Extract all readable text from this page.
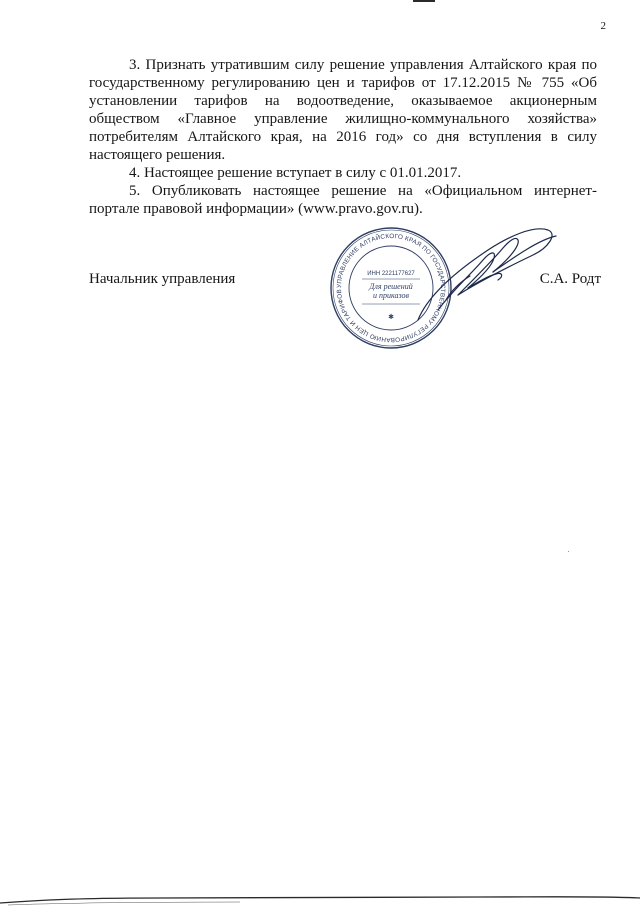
2

3. Признать утратившим силу решение управления Алтайского края по государственному регулированию цен и тарифов от 17.12.2015 № 755 «Об установлении тарифов на водоотведение, оказываемое акционерным обществом «Главное управление жилищно-коммунального хозяйства» потребителям Алтайского края, на 2016 год» со дня вступления в силу настоящего решения.

4. Настоящее решение вступает в силу с 01.01.2017.

5. Опубликовать настоящее решение на «Официальном интернет-портале правовой информации» (www.pravo.gov.ru).

Начальник управления	С.А. Родт
УПРАВЛЕНИЕ АЛТАЙСКОГО КРАЯ ПО ГОСУДАРСТВЕННОМУ РЕГУЛИРОВАНИЮ ЦЕН И ТАРИФОВ
ИНН 2221177627
Для решений
и приказов
✱
